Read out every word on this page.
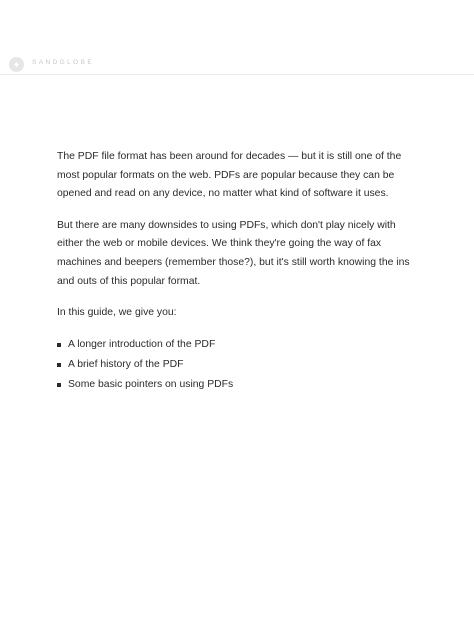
SANDGLOBE

The PDF file format has been around for decades — but it is still one of the most popular formats on the web. PDFs are popular because they can be opened and read on any device, no matter what kind of software it uses.

But there are many downsides to using PDFs, which don't play nicely with either the web or mobile devices. We think they're going the way of fax machines and beepers (remember those?), but it's still worth knowing the ins and outs of this popular format.

In this guide, we give you:

A longer introduction of the PDF
A brief history of the PDF
Some basic pointers on using PDFs
